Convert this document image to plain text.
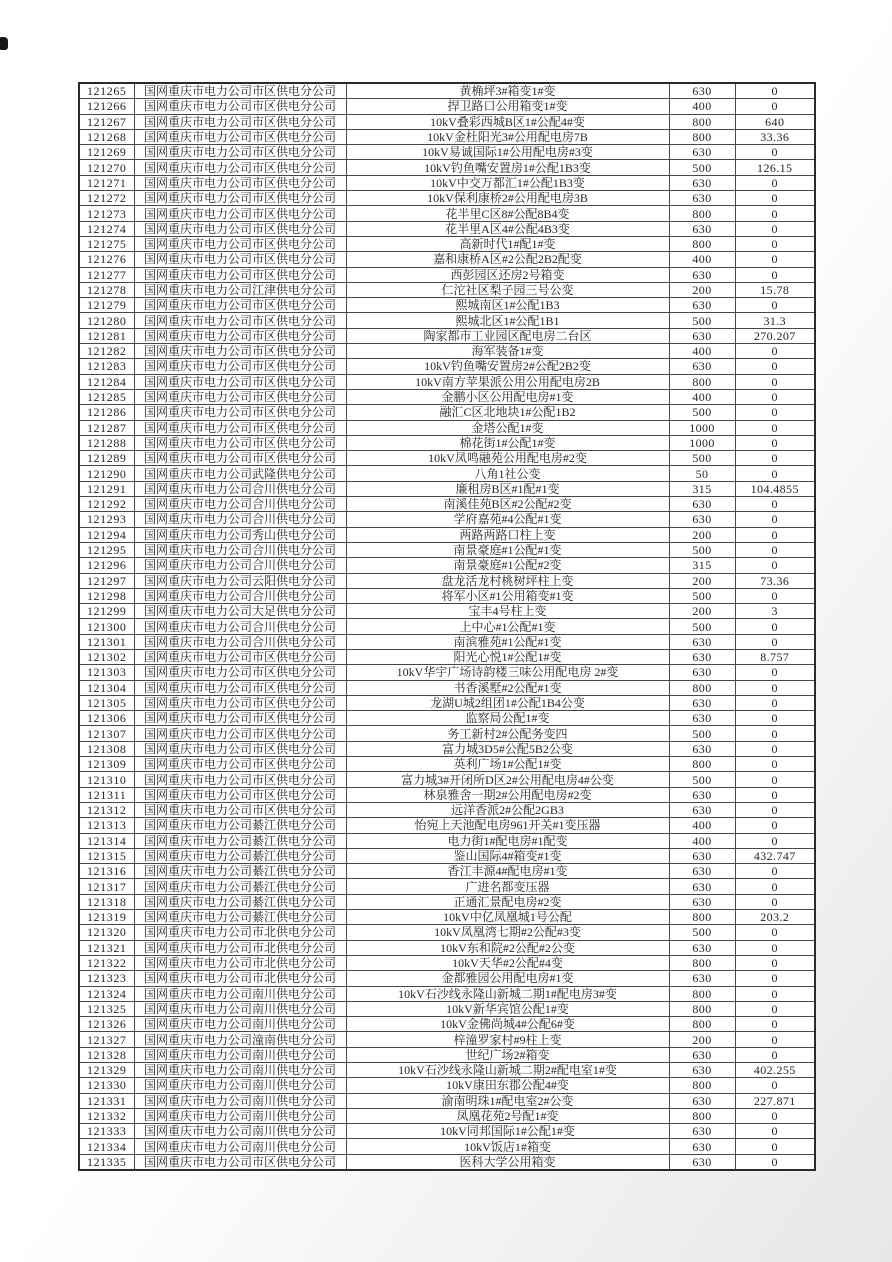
121265	国网重庆市电力公司市区供电分公司	黄桷坪3#箱变1#变	630	0
121266	国网重庆市电力公司市区供电分公司	捍卫路口公用箱变1#变	400	0
121267	国网重庆市电力公司市区供电分公司	10kV叠彩西城B区1#公配4#变	800	640
121268	国网重庆市电力公司市区供电分公司	10kV金杜阳光3#公用配电房7B	800	33.36
121269	国网重庆市电力公司市区供电分公司	10kV易诚国际1#公用配电房#3变	630	0
121270	国网重庆市电力公司市区供电分公司	10kV钓鱼嘴安置房1#公配1B3变	500	126.15
121271	国网重庆市电力公司市区供电分公司	10kV中交万都汇1#公配1B3变	630	0
121272	国网重庆市电力公司市区供电分公司	10kV保利康桥2#公用配电房3B	630	0
121273	国网重庆市电力公司市区供电分公司	花半里C区8#公配8B4变	800	0
121274	国网重庆市电力公司市区供电分公司	花半里A区4#公配4B3变	630	0
121275	国网重庆市电力公司市区供电分公司	高新时代1#配1#变	800	0
121276	国网重庆市电力公司市区供电分公司	嘉和康桥A区#2公配2B2配变	400	0
121277	国网重庆市电力公司市区供电分公司	西彭园区还房2号箱变	630	0
121278	国网重庆市电力公司江津供电分公司	仁沱社区梨子园三号公变	200	15.78
121279	国网重庆市电力公司市区供电分公司	熙城南区1#公配1B3	630	0
121280	国网重庆市电力公司市区供电分公司	熙城北区1#公配1B1	500	31.3
121281	国网重庆市电力公司市区供电分公司	陶家都市工业园区配电房二台区	630	270.207
121282	国网重庆市电力公司市区供电分公司	海军装备1#变	400	0
121283	国网重庆市电力公司市区供电分公司	10kV钓鱼嘴安置房2#公配2B2变	630	0
121284	国网重庆市电力公司市区供电分公司	10kV南方苹果派公用公用配电房2B	800	0
121285	国网重庆市电力公司市区供电分公司	金鹏小区公用配电房#1变	400	0
121286	国网重庆市电力公司市区供电分公司	融汇C区北地块1#公配1B2	500	0
121287	国网重庆市电力公司市区供电分公司	金塔公配1#变	1000	0
121288	国网重庆市电力公司市区供电分公司	棉花街1#公配1#变	1000	0
121289	国网重庆市电力公司市区供电分公司	10kV凤鸣融苑公用配电房#2变	500	0
121290	国网重庆市电力公司武隆供电分公司	八角1社公变	50	0
121291	国网重庆市电力公司合川供电分公司	廉租房B区#1配#1变	315	104.4855
121292	国网重庆市电力公司合川供电分公司	南溪佳苑B区#2公配#2变	630	0
121293	国网重庆市电力公司合川供电分公司	学府嘉苑#4公配#1变	630	0
121294	国网重庆市电力公司秀山供电分公司	两路两路口柱上变	200	0
121295	国网重庆市电力公司合川供电分公司	南景豪庭#1公配#1变	500	0
121296	国网重庆市电力公司合川供电分公司	南景豪庭#1公配#2变	315	0
121297	国网重庆市电力公司云阳供电分公司	盘龙活龙村桃树坪柱上变	200	73.36
121298	国网重庆市电力公司合川供电分公司	将军小区#1公用箱变#1变	500	0
121299	国网重庆市电力公司大足供电分公司	宝丰4号柱上变	200	3
121300	国网重庆市电力公司合川供电分公司	上中心#1公配#1变	500	0
121301	国网重庆市电力公司合川供电分公司	南滨雅苑#1公配#1变	630	0
121302	国网重庆市电力公司市区供电分公司	阳光心悦1#公配1#变	630	8.757
121303	国网重庆市电力公司市区供电分公司	10kV华宇广场诗韵楼三味公用配电房 2#变	630	0
121304	国网重庆市电力公司市区供电分公司	书香溪墅#2公配#1变	800	0
121305	国网重庆市电力公司市区供电分公司	龙湖U城2组团1#公配1B4公变	630	0
121306	国网重庆市电力公司市区供电分公司	监察局公配1#变	630	0
121307	国网重庆市电力公司市区供电分公司	务工新村2#公配务变四	500	0
121308	国网重庆市电力公司市区供电分公司	富力城3D5#公配5B2公变	630	0
121309	国网重庆市电力公司市区供电分公司	英利广场1#公配1#变	800	0
121310	国网重庆市电力公司市区供电分公司	富力城3#开闭所D区2#公用配电房4#公变	500	0
121311	国网重庆市电力公司市区供电分公司	林泉雅舍一期2#公用配电房#2变	630	0
121312	国网重庆市电力公司市区供电分公司	远洋香派2#公配2GB3	630	0
121313	国网重庆市电力公司綦江供电分公司	怡宛上天池配电房961开关#1变压器	400	0
121314	国网重庆市电力公司綦江供电分公司	电力街1#配电房#1配变	400	0
121315	国网重庆市电力公司綦江供电分公司	鉴山国际4#箱变#1变	630	432.747
121316	国网重庆市电力公司綦江供电分公司	香江丰源4#配电房#1变	630	0
121317	国网重庆市电力公司綦江供电分公司	广进名都变压器	630	0
121318	国网重庆市电力公司綦江供电分公司	正通汇景配电房#2变	630	0
121319	国网重庆市电力公司綦江供电分公司	10kV中亿凤凰城1号公配	800	203.2
121320	国网重庆市电力公司市北供电分公司	10kV凤凰湾七期#2公配#3变	500	0
121321	国网重庆市电力公司市北供电分公司	10kV东和院#2公配#2公变	630	0
121322	国网重庆市电力公司市北供电分公司	10kV天华#2公配#4变	800	0
121323	国网重庆市电力公司市北供电分公司	金都雅园公用配电房#1变	630	0
121324	国网重庆市电力公司南川供电分公司	10kV石沙线永隆山新城二期1#配电房3#变	800	0
121325	国网重庆市电力公司南川供电分公司	10kV新华宾馆公配1#变	800	0
121326	国网重庆市电力公司南川供电分公司	10kV金佛尚城4#公配6#变	800	0
121327	国网重庆市电力公司潼南供电分公司	梓潼罗家村#9柱上变	200	0
121328	国网重庆市电力公司南川供电分公司	世纪广场2#箱变	630	0
121329	国网重庆市电力公司南川供电分公司	10kV石沙线永隆山新城二期2#配电室1#变	630	402.255
121330	国网重庆市电力公司南川供电分公司	10kV康田东郡公配4#变	800	0
121331	国网重庆市电力公司南川供电分公司	渝南明珠1#配电室2#公变	630	227.871
121332	国网重庆市电力公司南川供电分公司	凤凰花苑2号配1#变	800	0
121333	国网重庆市电力公司南川供电分公司	10kV同邦国际1#公配1#变	630	0
121334	国网重庆市电力公司南川供电分公司	10kV饭店1#箱变	630	0
121335	国网重庆市电力公司市区供电分公司	医科大学公用箱变	630	0
